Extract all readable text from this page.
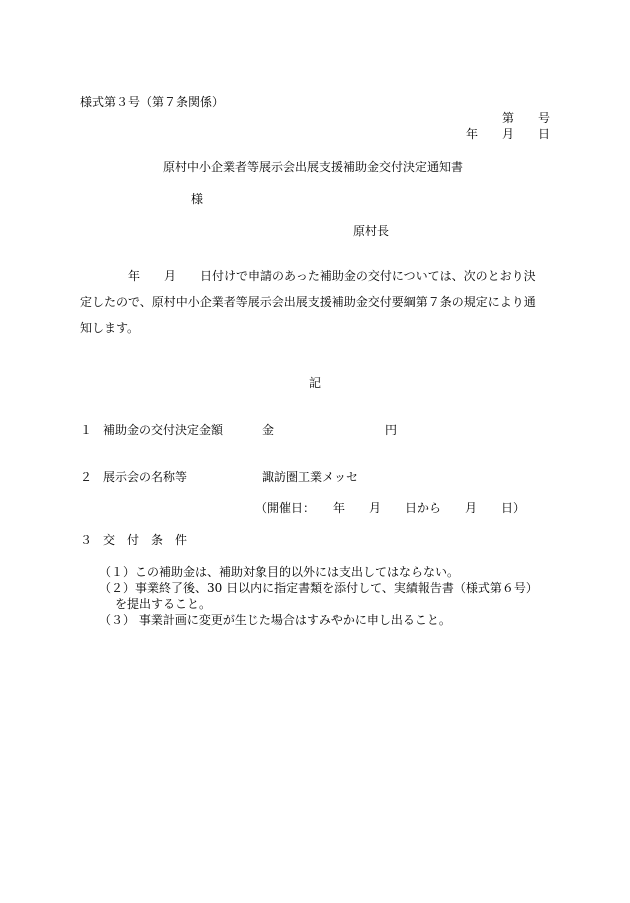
様式第３号（第７条関係）
第　　号
年　　月　　日
原村中小企業者等展示会出展支援補助金交付決定通知書
様
原村長
年　　月　　日付けで申請のあった補助金の交付については、次のとおり決
定したので、原村中小企業者等展示会出展支援補助金交付要綱第７条の規定により通
知します。
記
１ 補助金の交付決定金額	金	円
２ 展示会の名称等	諏訪圏工業メッセ
（開催日：　　年　　月　　日から　　月　　日）
３ 交　付　条　件
（１）この補助金は、補助対象目的以外には支出してはならない。
（２）事業終了後、30 日以内に指定書類を添付して、実績報告書（様式第６号）
を提出すること。
（３） 事業計画に変更が生じた場合はすみやかに申し出ること。
